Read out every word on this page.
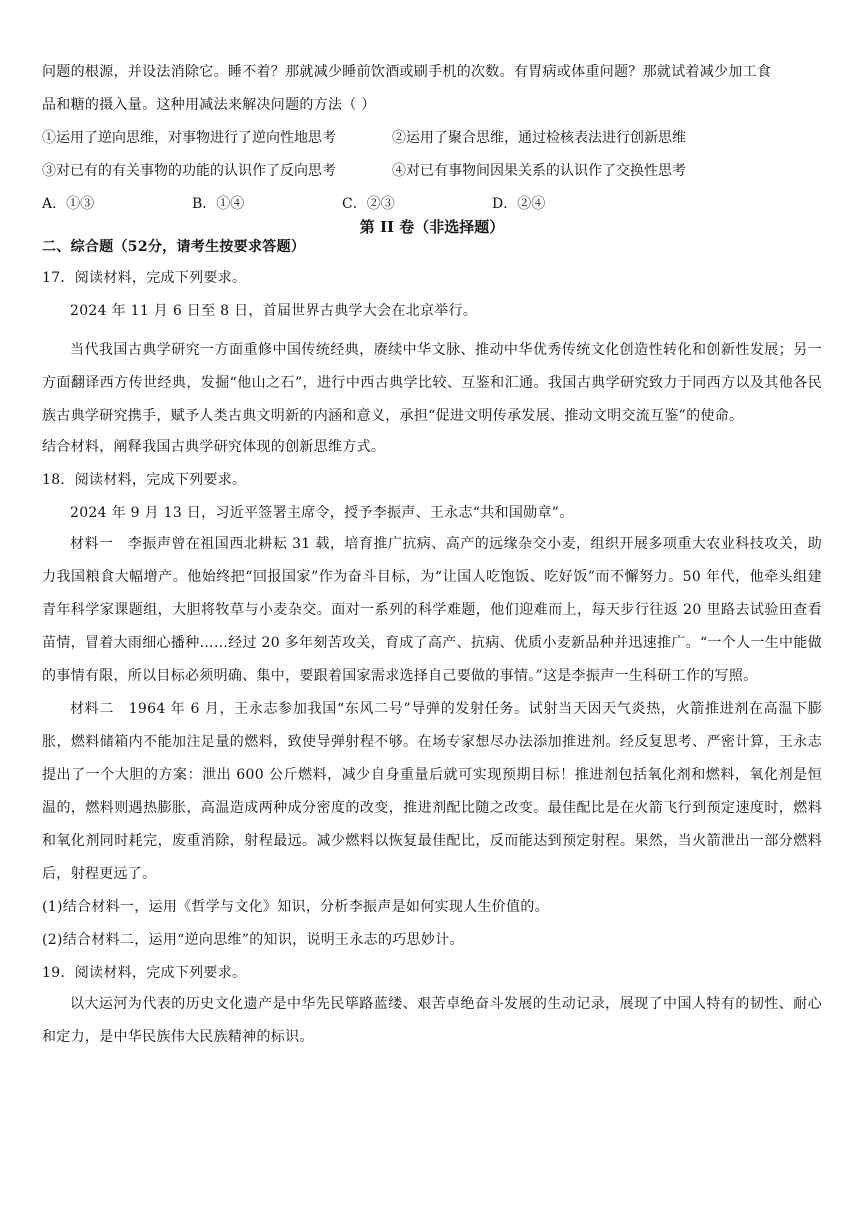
问题的根源，并设法消除它。睡不着？那就减少睡前饮酒或刷手机的次数。有胃病或体重问题？那就试着减少加工食

品和糖的摄入量。这种用减法来解决问题的方法（ ）

①运用了逆向思维，对事物进行了逆向性地思考	②运用了聚合思维，通过检核表法进行创新思维
③对已有的有关事物的功能的认识作了反向思考	④对已有事物间因果关系的认识作了交换性思考
A．①③	B．①④	C．②③	D．②④

第 II 卷（非选择题）

二、综合题（52分，请考生按要求答题）

17．阅读材料，完成下列要求。

2024 年 11 月 6 日至 8 日，首届世界古典学大会在北京举行。

当代我国古典学研究一方面重修中国传统经典，赓续中华文脉、推动中华优秀传统文化创造性转化和创新性发展；另一方面翻译西方传世经典，发掘“他山之石”，进行中西古典学比较、互鉴和汇通。我国古典学研究致力于同西方以及其他各民族古典学研究携手，赋予人类古典文明新的内涵和意义，承担“促进文明传承发展、推动文明交流互鉴”的使命。

结合材料，阐释我国古典学研究体现的创新思维方式。

18．阅读材料，完成下列要求。

2024 年 9 月 13 日，习近平签署主席令，授予李振声、王永志“共和国勋章”。

材料一　李振声曾在祖国西北耕耘 31 载，培育推广抗病、高产的远缘杂交小麦，组织开展多项重大农业科技攻关，助力我国粮食大幅增产。他始终把“回报国家”作为奋斗目标，为“让国人吃饱饭、吃好饭”而不懈努力。50 年代，他牵头组建青年科学家课题组，大胆将牧草与小麦杂交。面对一系列的科学难题，他们迎难而上，每天步行往返 20 里路去试验田查看苗情，冒着大雨细心播种……经过 20 多年刻苦攻关，育成了高产、抗病、优质小麦新品种并迅速推广。“一个人一生中能做的事情有限，所以目标必须明确、集中，要跟着国家需求选择自己要做的事情。”这是李振声一生科研工作的写照。

材料二　1964 年 6 月，王永志参加我国“东风二号”导弹的发射任务。试射当天因天气炎热，火箭推进剂在高温下膨胀，燃料储箱内不能加注足量的燃料，致使导弹射程不够。在场专家想尽办法添加推进剂。经反复思考、严密计算，王永志提出了一个大胆的方案：泄出 600 公斤燃料，减少自身重量后就可实现预期目标！推进剂包括氧化剂和燃料，氧化剂是恒温的，燃料则遇热膨胀，高温造成两种成分密度的改变，推进剂配比随之改变。最佳配比是在火箭飞行到预定速度时，燃料和氧化剂同时耗完，废重消除，射程最远。减少燃料以恢复最佳配比，反而能达到预定射程。果然，当火箭泄出一部分燃料后，射程更远了。

(1)结合材料一，运用《哲学与文化》知识，分析李振声是如何实现人生价值的。

(2)结合材料二，运用“逆向思维”的知识，说明王永志的巧思妙计。

19．阅读材料，完成下列要求。

以大运河为代表的历史文化遗产是中华先民筚路蓝缕、艰苦卓绝奋斗发展的生动记录，展现了中国人特有的韧性、耐心和定力，是中华民族伟大民族精神的标识。
